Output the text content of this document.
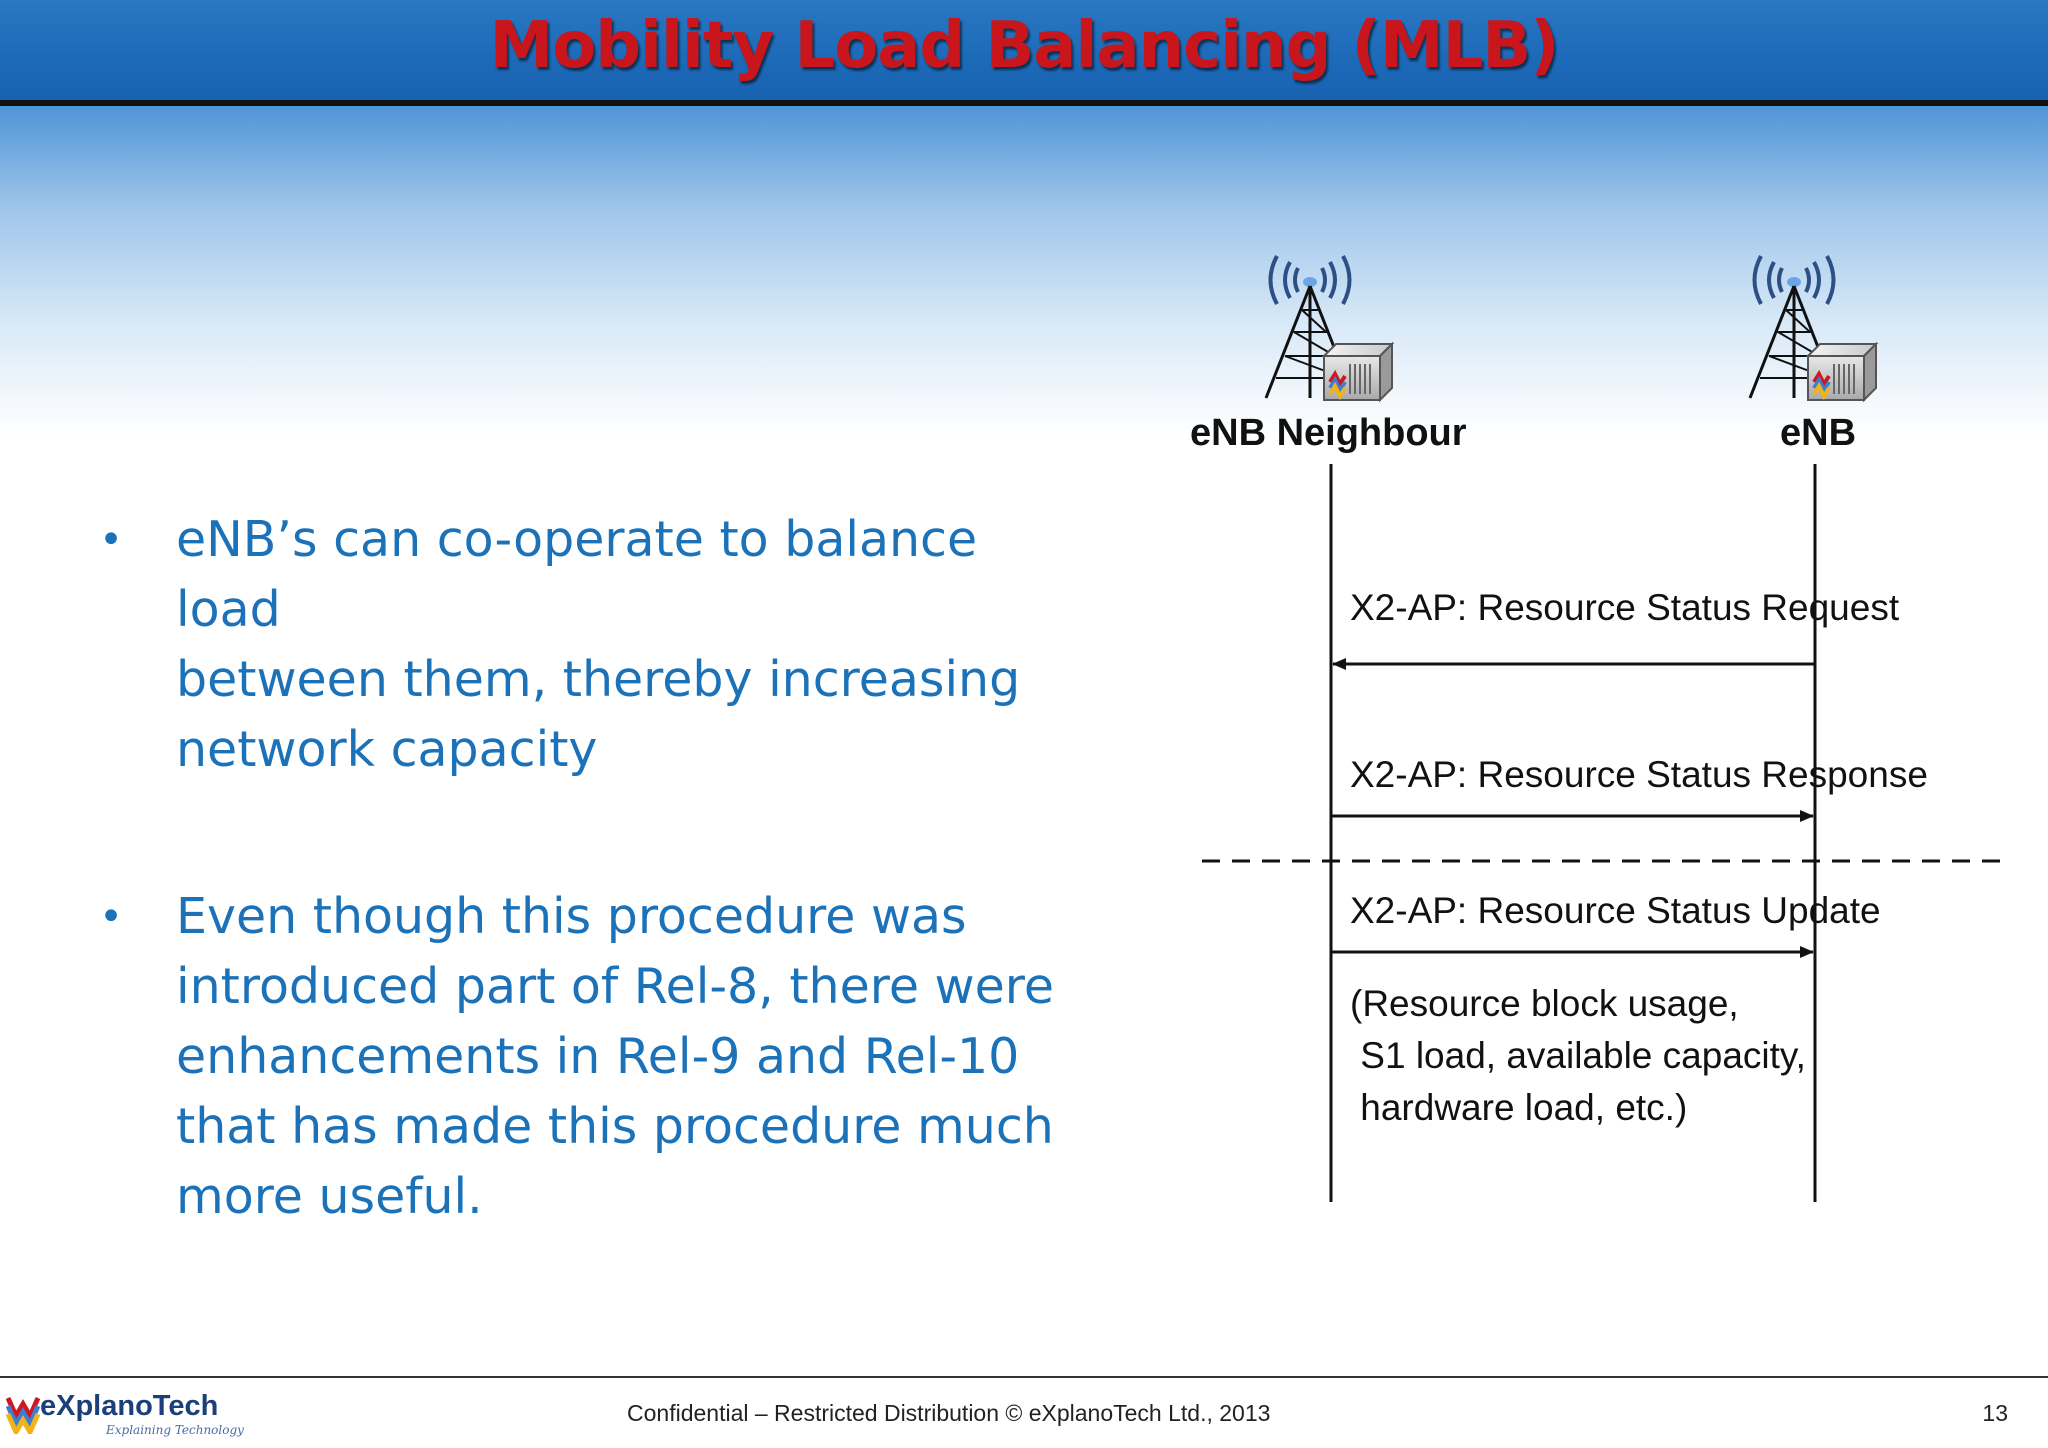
Mobility Load Balancing (MLB)
• eNB’s can co-operate to balance load
between them, thereby increasing
network capacity
• Even though this procedure was
introduced part of Rel-8, there were
enhancements in Rel-9 and Rel-10
that has made this procedure much
more useful.
eNB Neighbour	eNB
X2-AP: Resource Status Request
X2-AP: Resource Status Response
X2-AP: Resource Status Update
(Resource block usage,
S1 load, available capacity,
hardware load, etc.)
eXplanoTech
Explaining Technology
Confidential – Restricted Distribution © eXplanoTech Ltd., 2013	13
